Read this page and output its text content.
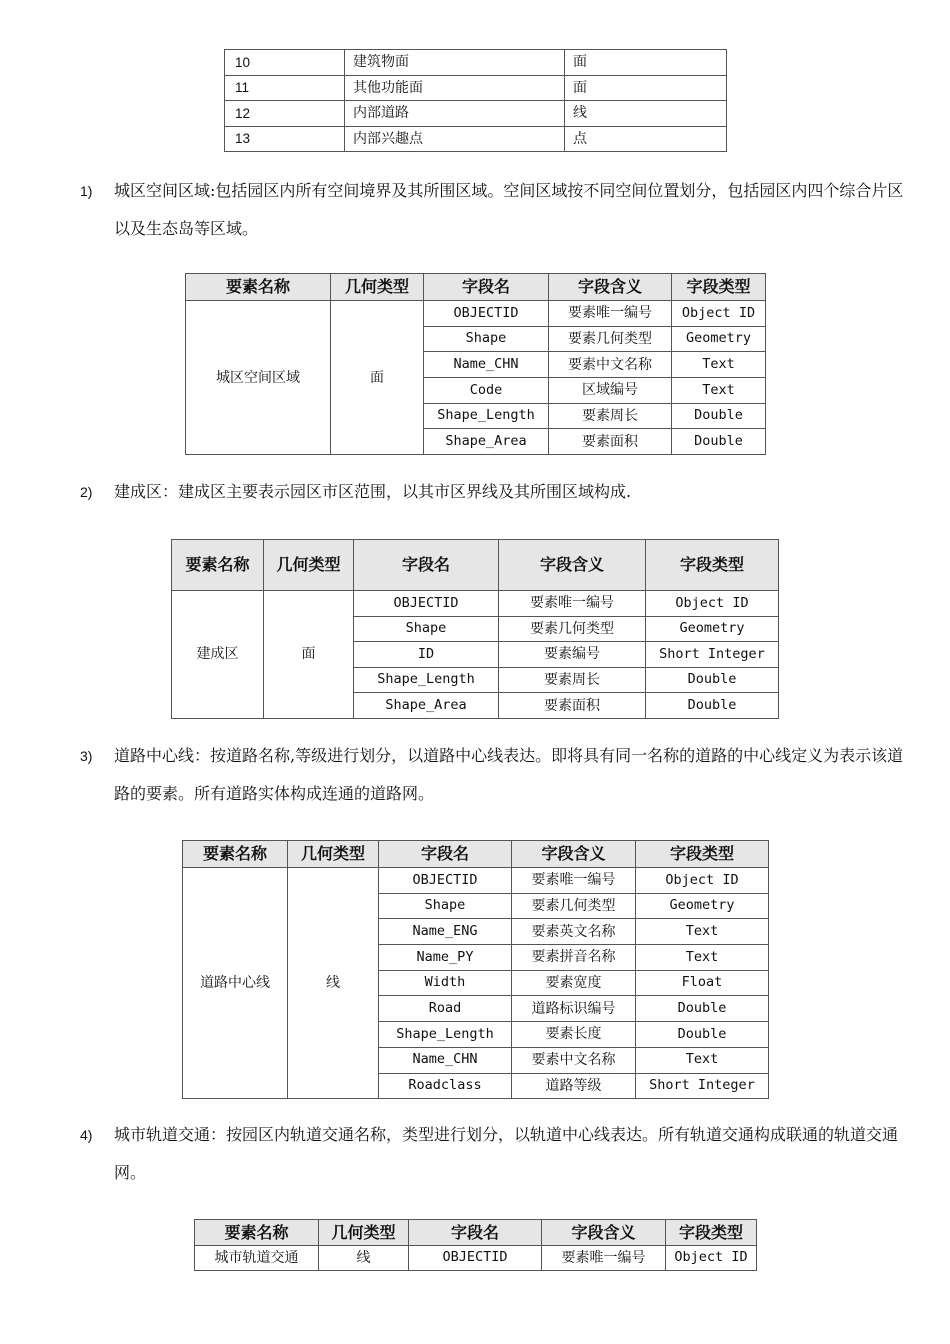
10	建筑物面	面
11	其他功能面	面
12	内部道路	线
13	内部兴趣点	点
1) 城区空间区域:包括园区内所有空间境界及其所围区域。空间区域按不同空间位置划分，包括园区内四个综合片区以及生态岛等区域。
要素名称	几何类型	字段名	字段含义	字段类型
城区空间区域	面	OBJECTID	要素唯一编号	Object ID
		Shape	要素几何类型	Geometry
		Name_CHN	要素中文名称	Text
		Code	区域编号	Text
		Shape_Length	要素周长	Double
		Shape_Area	要素面积	Double
2) 建成区：建成区主要表示园区市区范围，以其市区界线及其所围区域构成.
要素名称	几何类型	字段名	字段含义	字段类型
建成区	面	OBJECTID	要素唯一编号	Object ID
		Shape	要素几何类型	Geometry
		ID	要素编号	Short Integer
		Shape_Length	要素周长	Double
		Shape_Area	要素面积	Double
3) 道路中心线：按道路名称,等级进行划分，以道路中心线表达。即将具有同一名称的道路的中心线定义为表示该道路的要素。所有道路实体构成连通的道路网。
要素名称	几何类型	字段名	字段含义	字段类型
道路中心线	线	OBJECTID	要素唯一编号	Object ID
		Shape	要素几何类型	Geometry
		Name_ENG	要素英文名称	Text
		Name_PY	要素拼音名称	Text
		Width	要素宽度	Float
		Road	道路标识编号	Double
		Shape_Length	要素长度	Double
		Name_CHN	要素中文名称	Text
		Roadclass	道路等级	Short Integer
4) 城市轨道交通：按园区内轨道交通名称，类型进行划分，以轨道中心线表达。所有轨道交通构成联通的轨道交通网。
要素名称	几何类型	字段名	字段含义	字段类型
城市轨道交通	线	OBJECTID	要素唯一编号	Object ID
